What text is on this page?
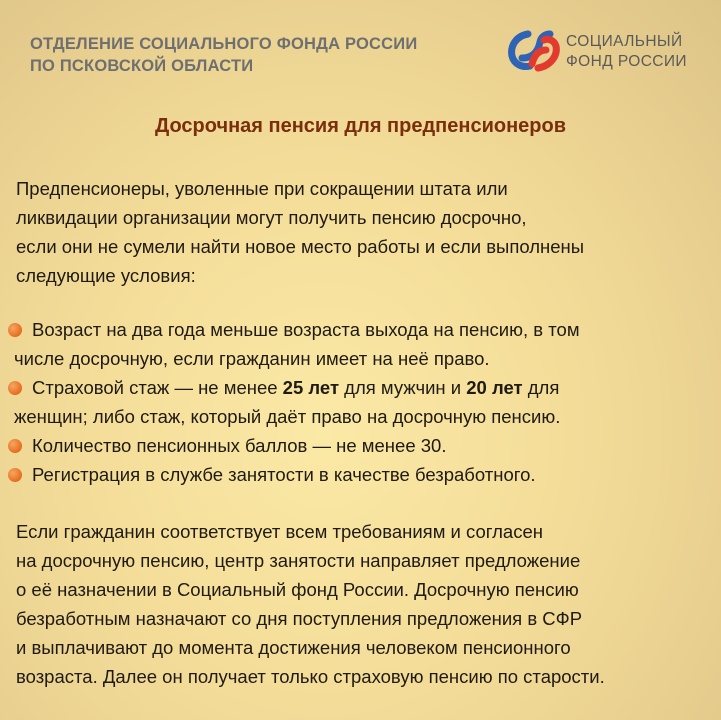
ОТДЕЛЕНИЕ СОЦИАЛЬНОГО ФОНДА РОССИИ
ПО ПСКОВСКОЙ ОБЛАСТИ
СОЦИАЛЬНЫЙ
ФОНД РОССИИ
Досрочная пенсия для предпенсионеров

Предпенсионеры, уволенные при сокращении штата или

ликвидации организации могут получить пенсию досрочно,

если они не сумели найти новое место работы и если выполнены

следующие условия:

Возраст на два года меньше возраста выхода на пенсию, в том
числе досрочную, если гражданин имеет на неё право.
Страховой стаж — не менее 25 лет для мужчин и 20 лет для
женщин; либо стаж, который даёт право на досрочную пенсию.
Количество пенсионных баллов — не менее 30.
Регистрация в службе занятости в качестве безработного.

Если гражданин соответствует всем требованиям и согласен

на досрочную пенсию, центр занятости направляет предложение

о её назначении в Социальный фонд России. Досрочную пенсию

безработным назначают со дня поступления предложения в СФР

и выплачивают до момента достижения человеком пенсионного

возраста. Далее он получает только страховую пенсию по старости.
